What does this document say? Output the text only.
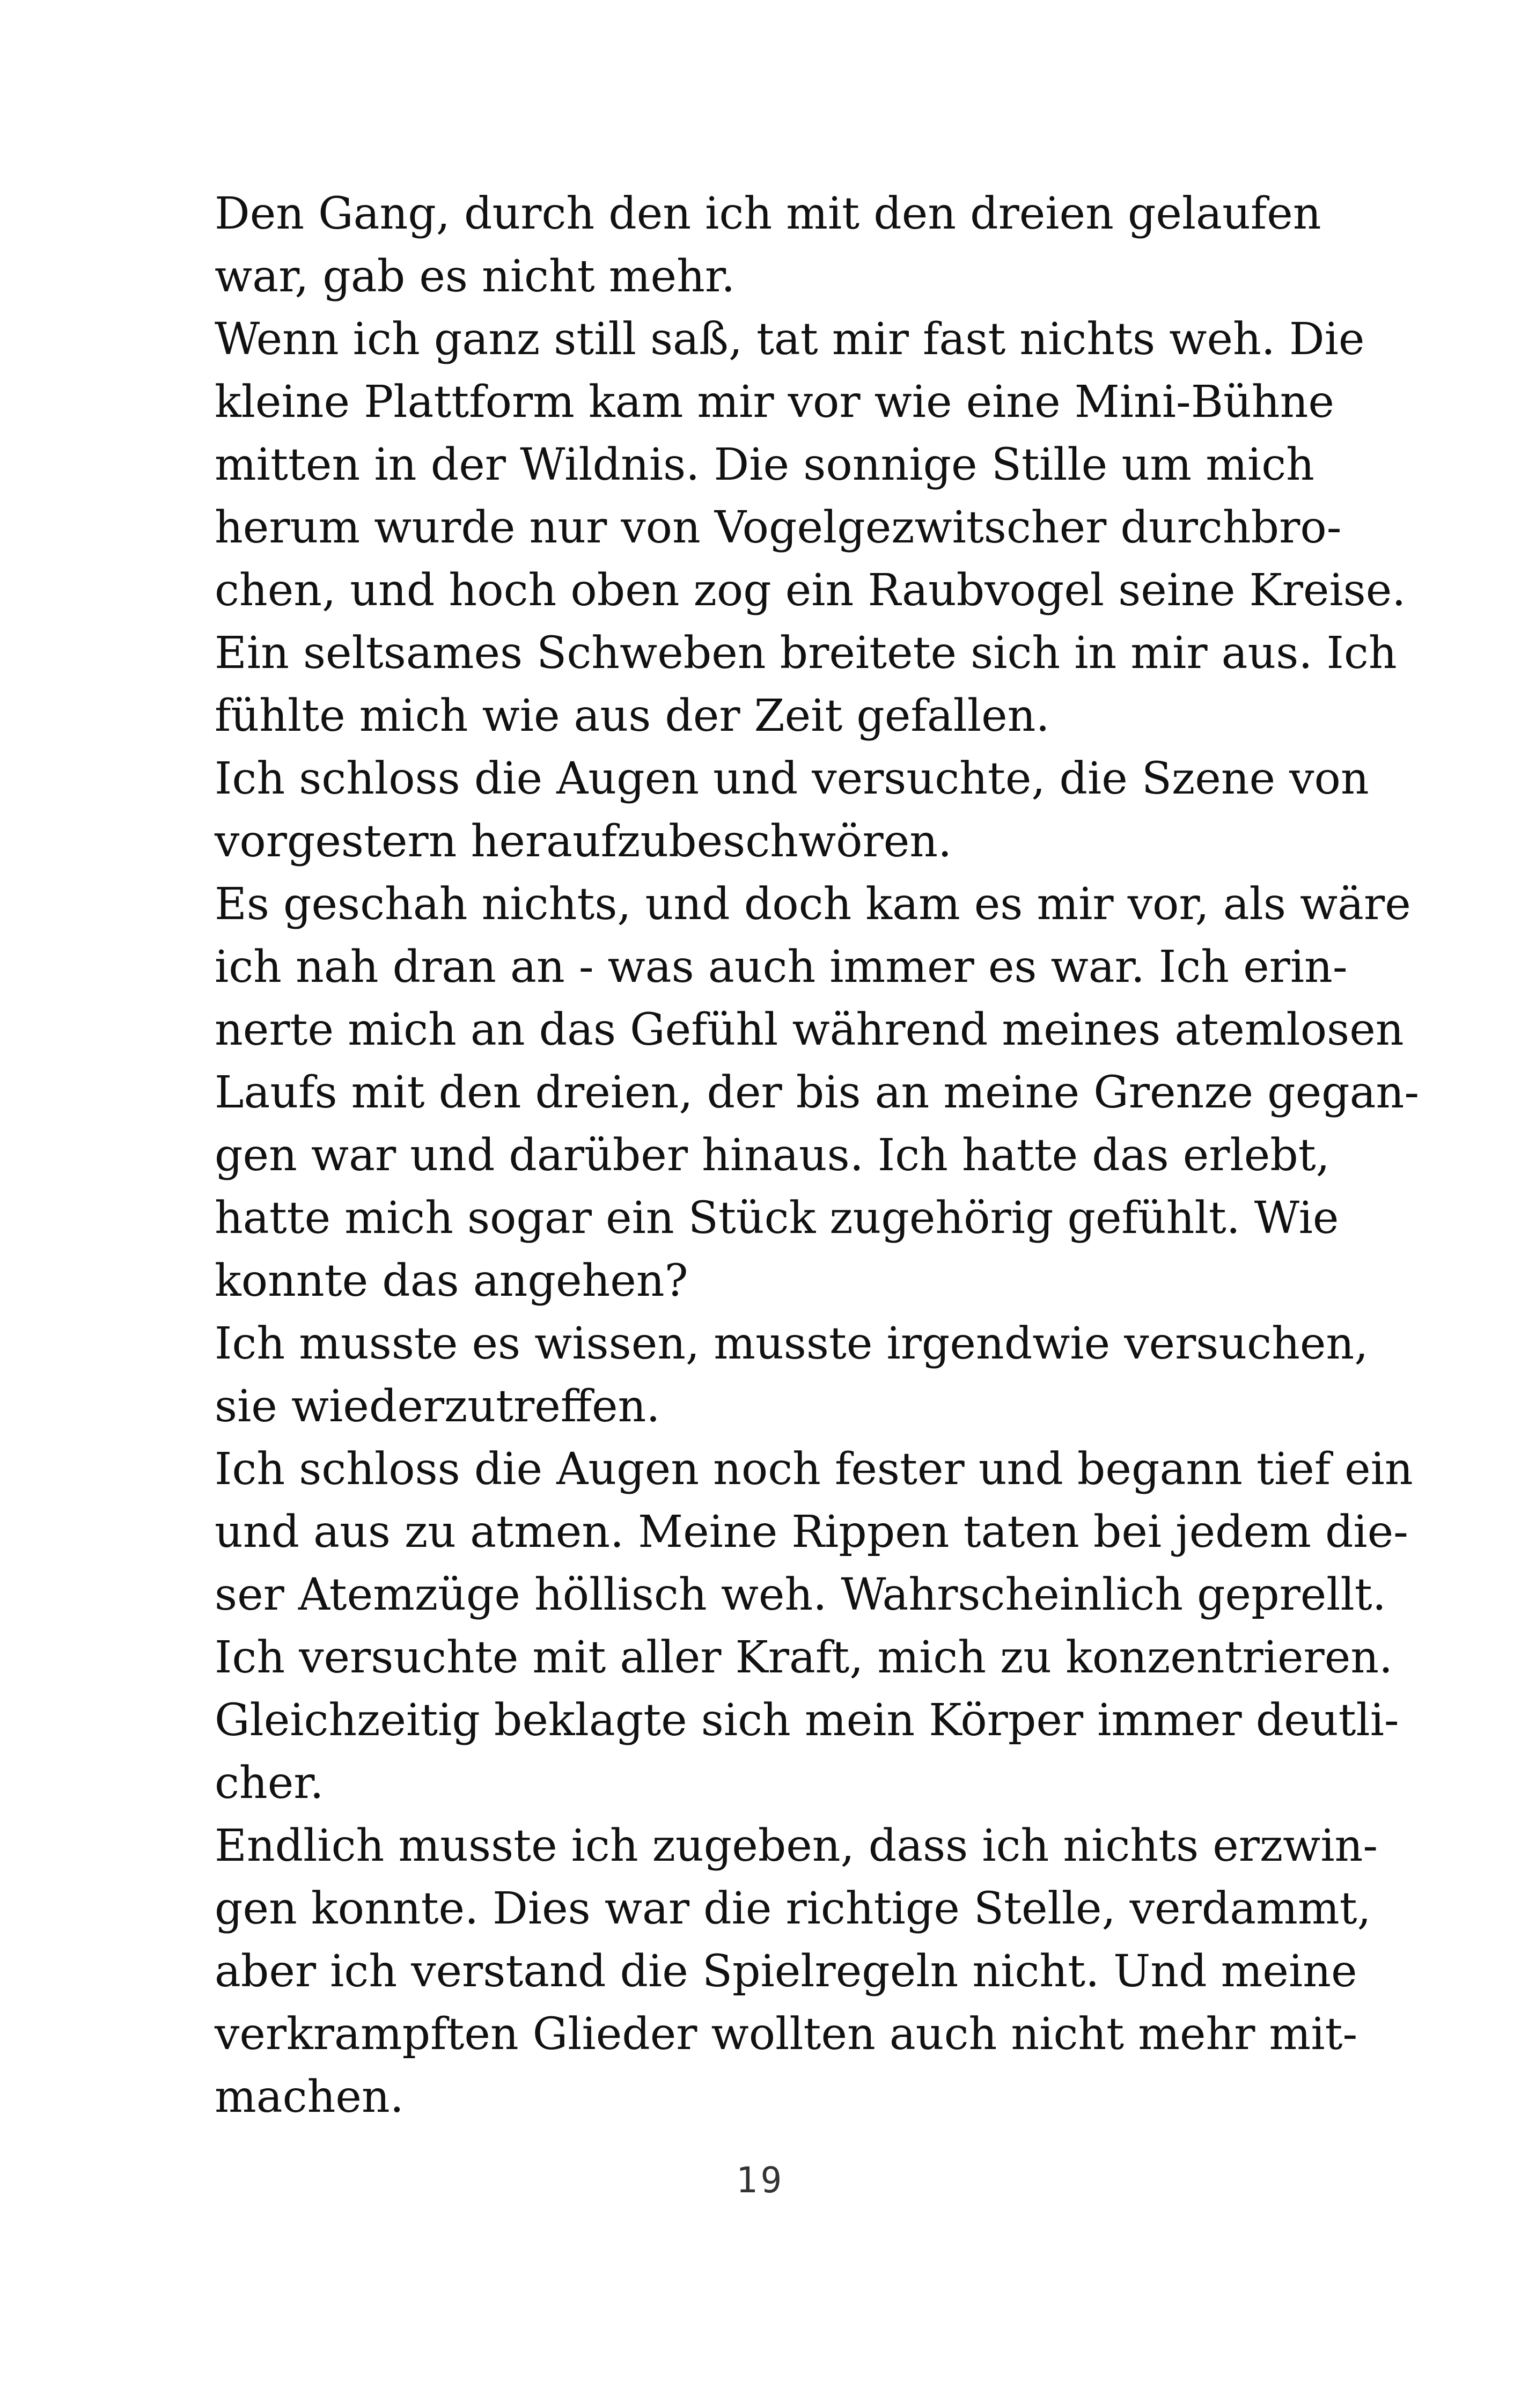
Den Gang, durch den ich mit den dreien gelaufen
war, gab es nicht mehr.
Wenn ich ganz still saß, tat mir fast nichts weh. Die
kleine Plattform kam mir vor wie eine Mini-Bühne
mitten in der Wildnis. Die sonnige Stille um mich
herum wurde nur von Vogelgezwitscher durchbro-
chen, und hoch oben zog ein Raubvogel seine Kreise.
Ein seltsames Schweben breitete sich in mir aus. Ich
fühlte mich wie aus der Zeit gefallen.
Ich schloss die Augen und versuchte, die Szene von
vorgestern heraufzubeschwören.
Es geschah nichts, und doch kam es mir vor, als wäre
ich nah dran an - was auch immer es war. Ich erin-
nerte mich an das Gefühl während meines atemlosen
Laufs mit den dreien, der bis an meine Grenze gegan-
gen war und darüber hinaus. Ich hatte das erlebt,
hatte mich sogar ein Stück zugehörig gefühlt. Wie
konnte das angehen?
Ich musste es wissen, musste irgendwie versuchen,
sie wiederzutreffen.
Ich schloss die Augen noch fester und begann tief ein
und aus zu atmen. Meine Rippen taten bei jedem die-
ser Atemzüge höllisch weh. Wahrscheinlich geprellt.
Ich versuchte mit aller Kraft, mich zu konzentrieren.
Gleichzeitig beklagte sich mein Körper immer deutli-
cher.
Endlich musste ich zugeben, dass ich nichts erzwin-
gen konnte. Dies war die richtige Stelle, verdammt,
aber ich verstand die Spielregeln nicht. Und meine
verkrampften Glieder wollten auch nicht mehr mit-
machen.
19
